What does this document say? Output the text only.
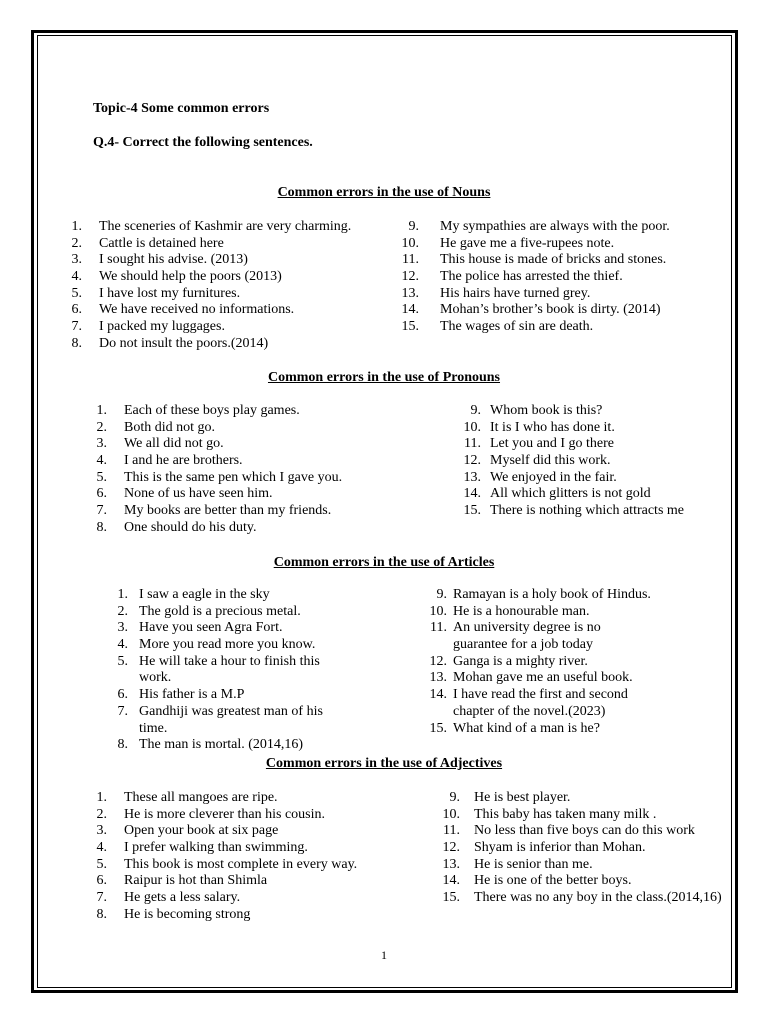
Topic-4 Some common errors
Q.4- Correct the following sentences.
Common errors in the use of Nouns
1. The sceneries of Kashmir are very charming.
2. Cattle is detained here
3. I sought his advise. (2013)
4. We should help the poors (2013)
5. I have lost my furnitures.
6. We have received no informations.
7. I packed my luggages.
8. Do not insult the poors.(2014)
9. My sympathies are always with the poor.
10. He gave me a five-rupees note.
11. This house is made of bricks and stones.
12. The police has arrested the thief.
13. His hairs have turned grey.
14. Mohan’s brother’s book is dirty. (2014)
15. The wages of sin are death.
Common errors in the use of Pronouns
1. Each of these boys play games.
2. Both did not go.
3. We all did not go.
4. I and he are brothers.
5. This is the same pen which I gave you.
6. None of us have seen him.
7. My books are better than my friends.
8. One should do his duty.
9. Whom book is this?
10. It is I who has done it.
11. Let you and I go there
12. Myself did this work.
13. We enjoyed in the fair.
14. All which glitters is not gold
15. There is nothing which attracts me
Common errors in the use of Articles
1. I saw a eagle in the sky
2. The gold is a precious metal.
3. Have you seen Agra Fort.
4. More you read more you know.
5. He will take a hour to finish this
work.
6. His father is a M.P
7. Gandhiji was greatest man of his
time.
8. The man is mortal. (2014,16)
9. Ramayan is a holy book of Hindus.
10. He is a honourable man.
11. An university degree is no
guarantee for a job today
12. Ganga is a mighty river.
13. Mohan gave me an useful book.
14. I have read the first and second
chapter of the novel.(2023)
15. What kind of a man is he?
Common errors in the use of Adjectives
1. These all mangoes are ripe.
2. He is more cleverer than his cousin.
3. Open your book at six page
4. I prefer walking than swimming.
5. This book is most complete in every way.
6. Raipur is hot than Shimla
7. He gets a less salary.
8. He is becoming strong
9. He is best player.
10. This baby has taken many milk .
11. No less than five boys can do this work
12. Shyam is inferior than Mohan.
13. He is senior than me.
14. He is one of the better boys.
15. There was no any boy in the class.(2014,16)
1
